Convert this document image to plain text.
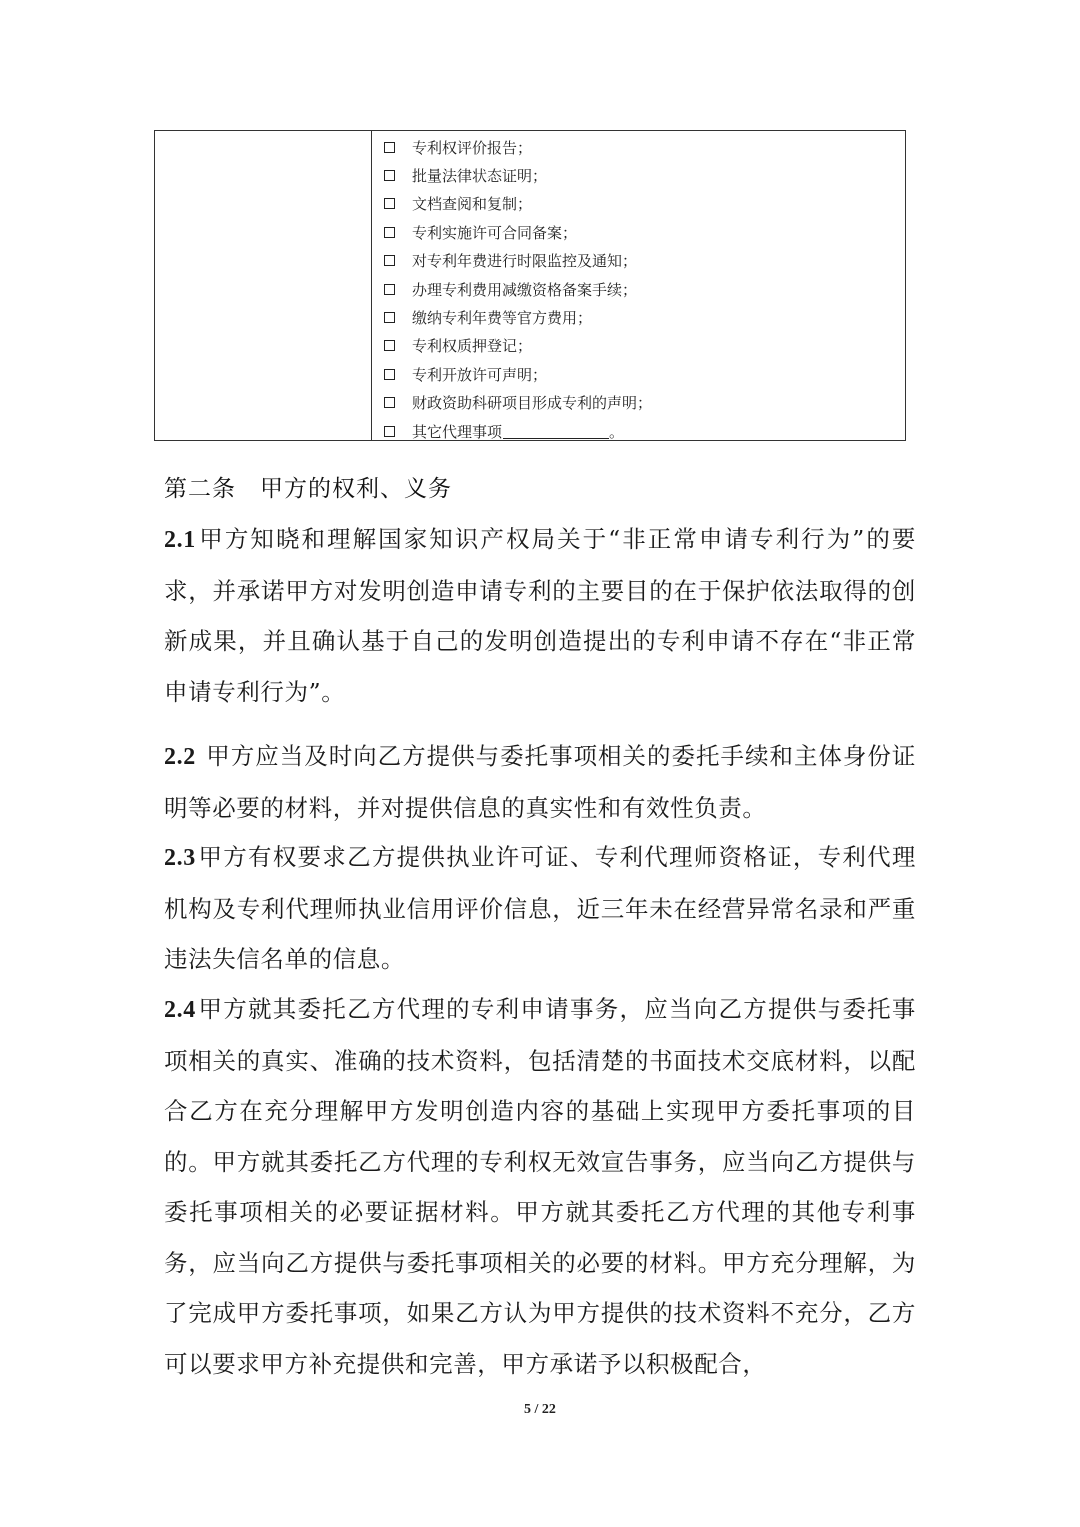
专利权评价报告；
批量法律状态证明；
文档查阅和复制；
专利实施许可合同备案；
对专利年费进行时限监控及通知；
办理专利费用减缴资格备案手续；
缴纳专利年费等官方费用；
专利权质押登记；
专利开放许可声明；
财政资助科研项目形成专利的声明；
其它代理事项	。
第二条　甲方的权利、义务

2.1甲方知晓和理解国家知识产权局关于“非正常申请专利行为”的要求，并承诺甲方对发明创造申请专利的主要目的在于保护依法取得的创新成果，并且确认基于自己的发明创造提出的专利申请不存在“非正常申请专利行为”。

2.2 甲方应当及时向乙方提供与委托事项相关的委托手续和主体身份证明等必要的材料，并对提供信息的真实性和有效性负责。

2.3甲方有权要求乙方提供执业许可证、专利代理师资格证，专利代理机构及专利代理师执业信用评价信息，近三年未在经营异常名录和严重违法失信名单的信息。

2.4甲方就其委托乙方代理的专利申请事务，应当向乙方提供与委托事项相关的真实、准确的技术资料，包括清楚的书面技术交底材料，以配合乙方在充分理解甲方发明创造内容的基础上实现甲方委托事项的目的。甲方就其委托乙方代理的专利权无效宣告事务，应当向乙方提供与委托事项相关的必要证据材料。甲方就其委托乙方代理的其他专利事务，应当向乙方提供与委托事项相关的必要的材料。甲方充分理解，为了完成甲方委托事项，如果乙方认为甲方提供的技术资料不充分，乙方可以要求甲方补充提供和完善，甲方承诺予以积极配合，

5 / 22
